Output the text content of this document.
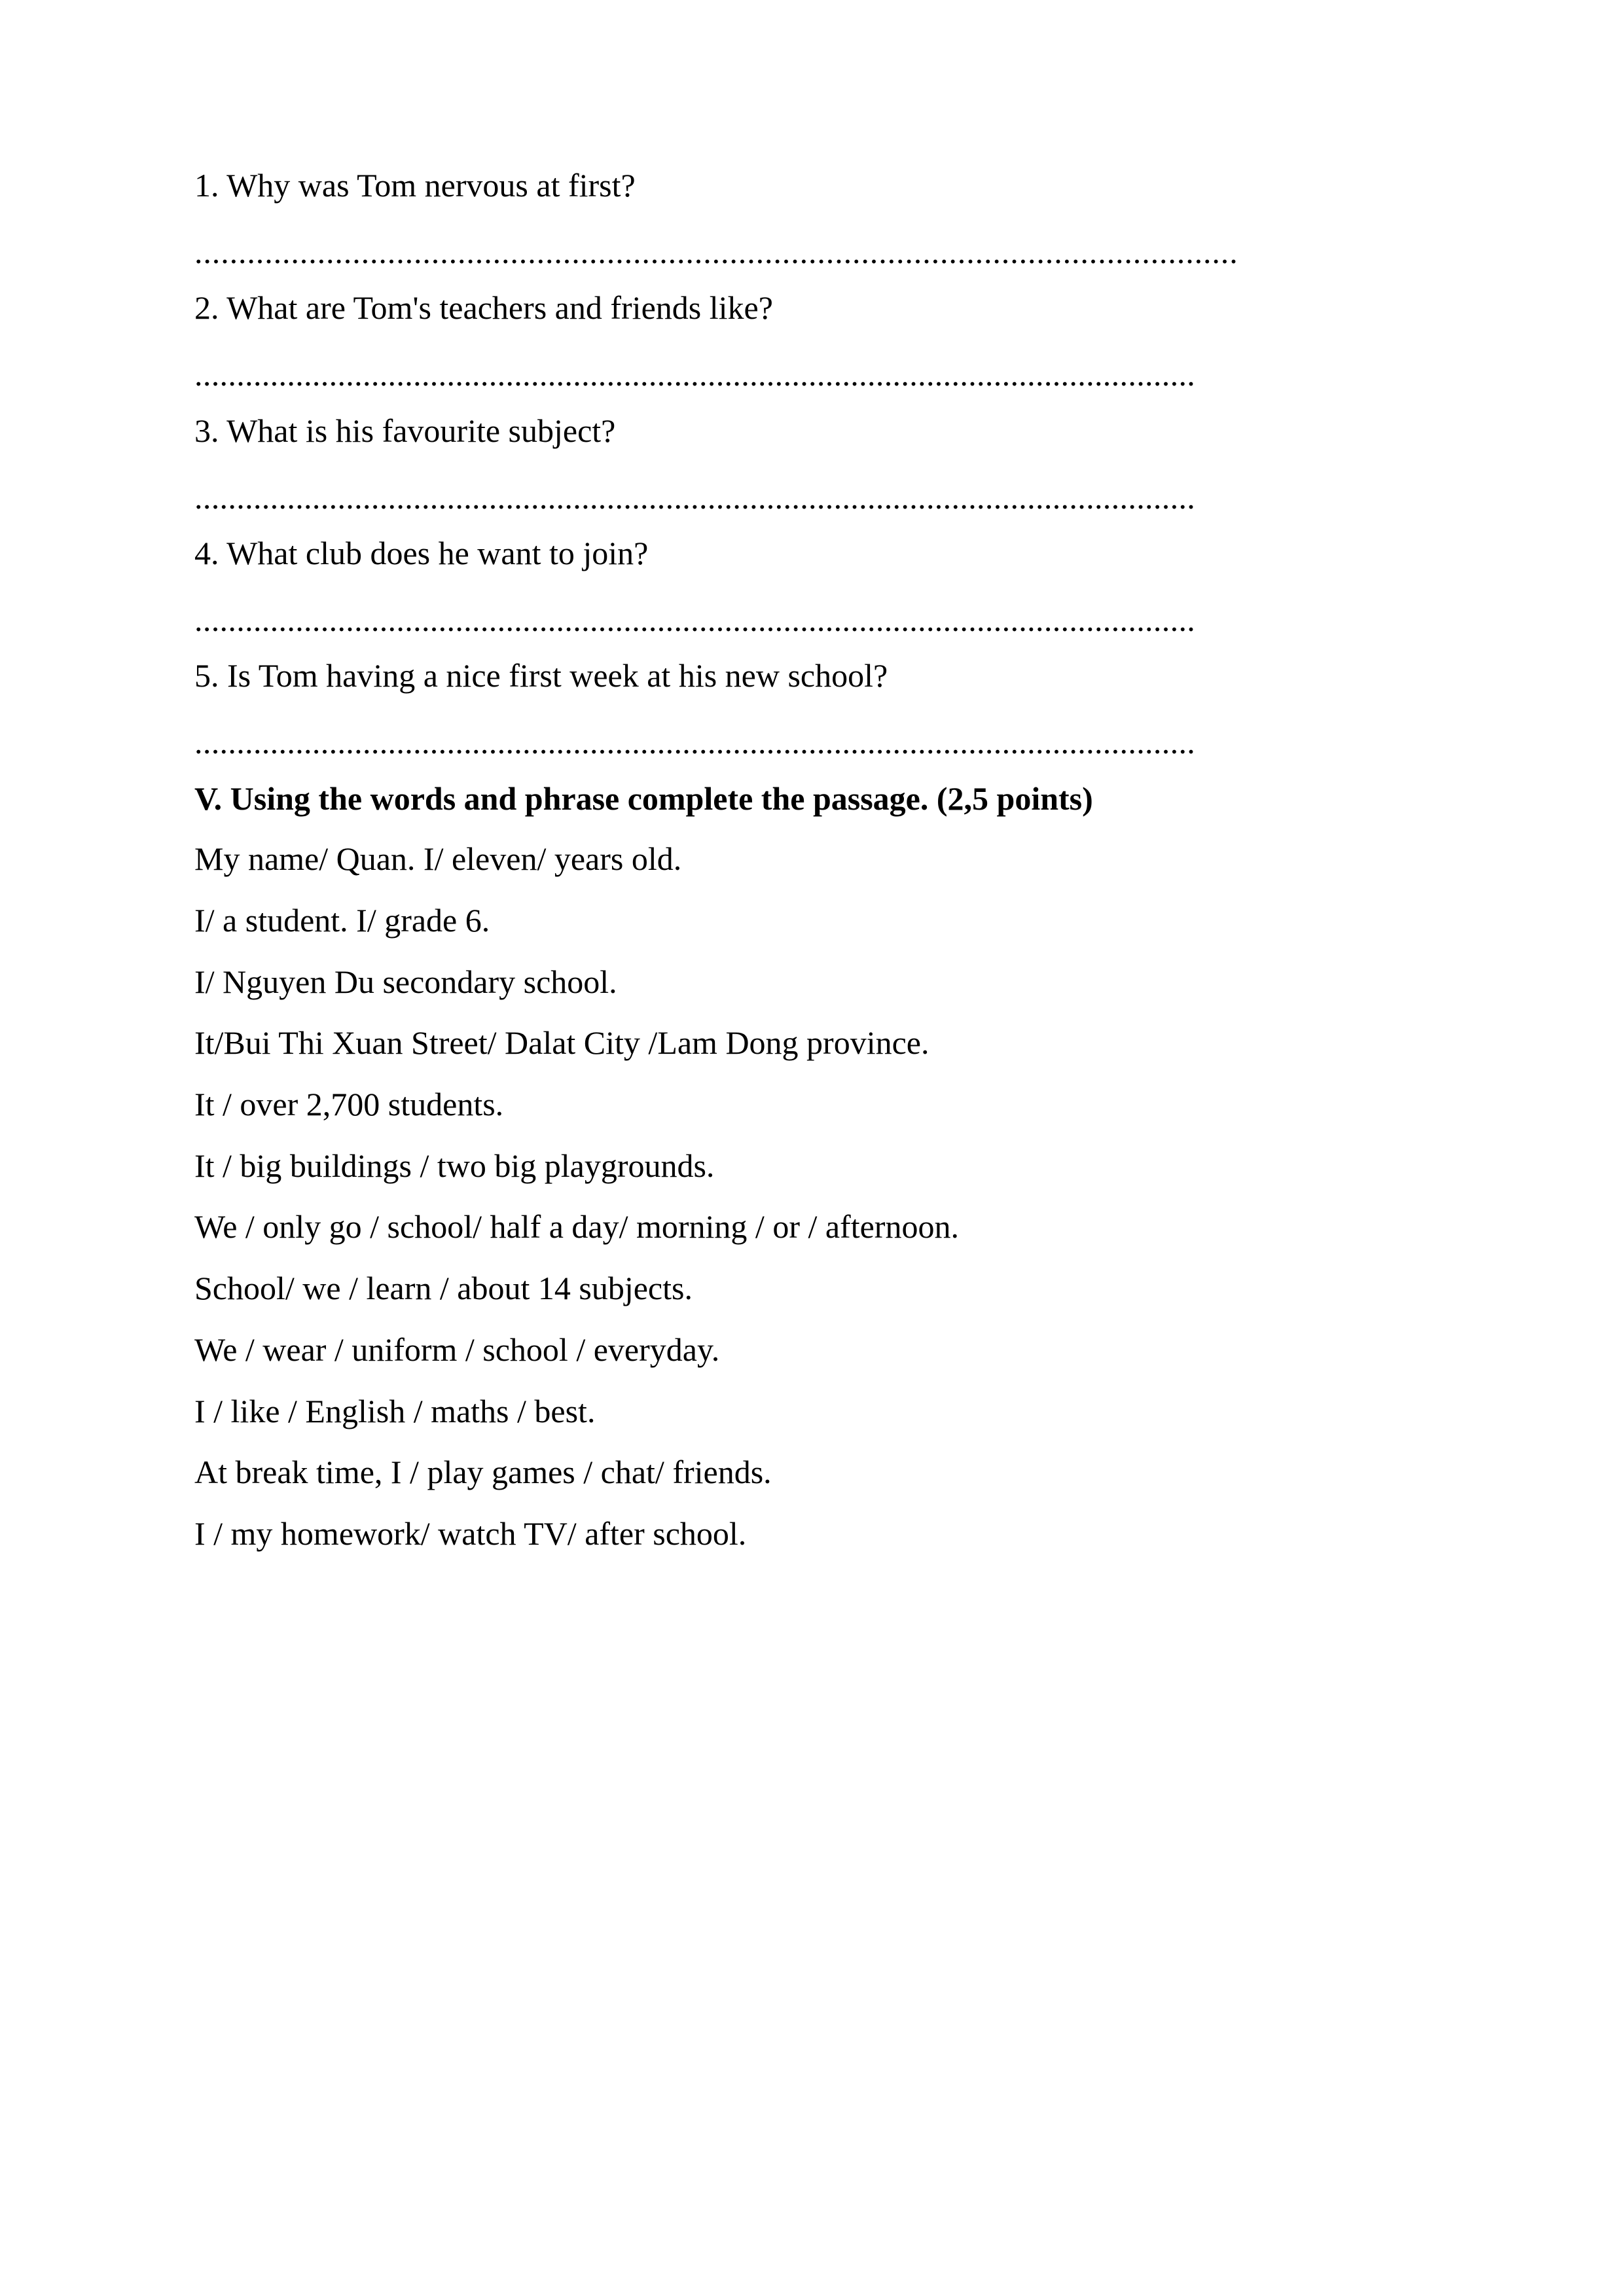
1. Why was Tom nervous at first?
.......................................................................................................................
2. What are Tom's teachers and friends like?
.......................................................................................................................
3. What is his favourite subject?
.......................................................................................................................
4. What club does he want to join?
.......................................................................................................................
5. Is Tom having a nice first week at his new school?
.......................................................................................................................
V. Using the words and phrase complete the passage. (2,5 points)
My name/ Quan. I/ eleven/ years old.
I/ a student. I/ grade 6.
I/ Nguyen Du secondary school.
It/Bui Thi Xuan Street/ Dalat City /Lam Dong province.
It / over 2,700 students.
It / big buildings / two big playgrounds.
We / only go / school/ half a day/ morning / or / afternoon.
School/ we / learn / about 14 subjects.
We / wear / uniform / school / everyday.
I / like / English / maths / best.
At break time, I / play games / chat/ friends.
I / my homework/ watch TV/ after school.
